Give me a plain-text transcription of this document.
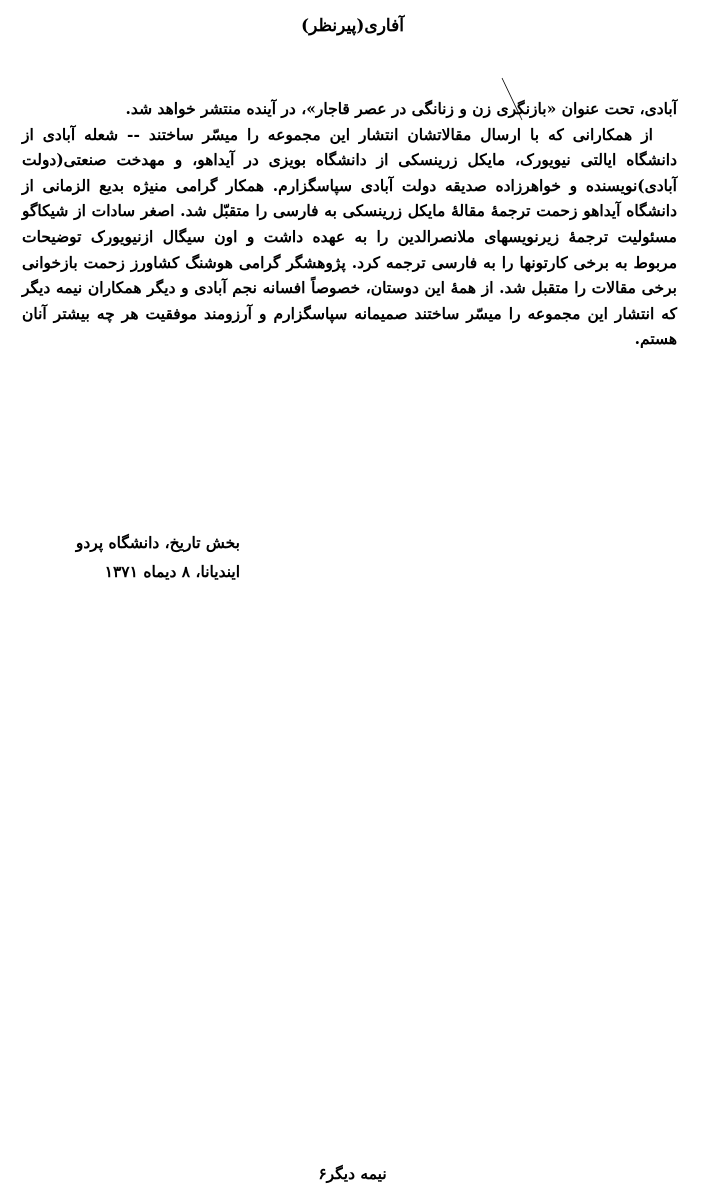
آفاری(پیرنظر)

آبادی، تحت عنوان «بازنگری زن و زنانگی در عصر قاجار»، در آینده منتشر خواهد شد.

از همکارانی که با ارسال مقالاتشان انتشار این مجموعه را میسّر ساختند -- شعله آبادی از دانشگاه ایالتی نیویورک، مایکل زرینسکی از دانشگاه بویزی در آیداهو، و مهدخت صنعتی(دولت آبادی)نویسنده و خواهرزاده صدیقه دولت آبادی سپاسگزارم. همکار گرامی منیژه بدیع الزمانی از دانشگاه آیداهو زحمت ترجمهٔ مقالهٔ مایکل زرینسکی به فارسی را متقبّل شد. اصغر سادات از شیکاگو مسئولیت ترجمهٔ زیرنویسهای ملانصرالدین را به عهده داشت و اون سیگال ازنیویورک توضیحات مربوط به برخی کارتونها را به فارسی ترجمه کرد. پژوهشگر گرامی هوشنگ کشاورز زحمت بازخوانی برخی مقالات را متقبل شد. از همهٔ این دوستان، خصوصاً افسانه نجم آبادی و دیگر همکاران نیمه دیگر که انتشار این مجموعه را میسّر ساختند صمیمانه سپاسگزارم و آرزومند موفقیت هر چه بیشتر آنان هستم.

بخش تاریخ، دانشگاه پردو
ایندیانا، ۸ دیماه ۱۳۷۱
نیمه دیگر۶
